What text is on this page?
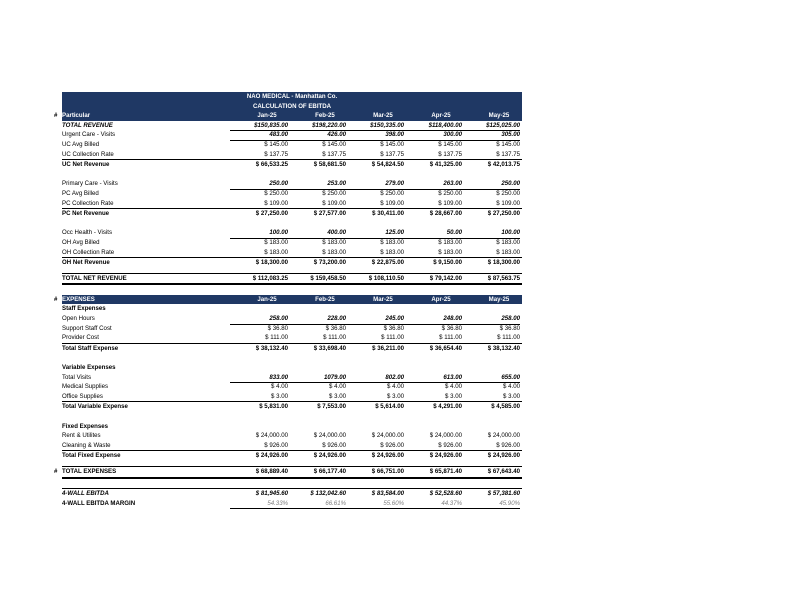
NAO MEDICAL - Manhattan Co.
CALCULATION OF EBITDA
# Particular	Jan-25	Feb-25	Mar-25	Apr-25	May-25
TOTAL REVENUE	$150,835.00	$198,220.00	$150,335.00	$118,400.00	$125,025.00
Urgent Care - Visits	483.00	426.00	398.00	300.00	305.00
UC Avg Billed	$ 145.00	$ 145.00	$ 145.00	$ 145.00	$ 145.00
UC Collection Rate	$ 137.75	$ 137.75	$ 137.75	$ 137.75	$ 137.75
UC Net Revenue	$ 66,533.25	$ 58,681.50	$ 54,824.50	$ 41,325.00	$ 42,013.75
Primary Care - Visits	250.00	253.00	279.00	263.00	250.00
PC Avg Billed	$ 250.00	$ 250.00	$ 250.00	$ 250.00	$ 250.00
PC Collection Rate	$ 109.00	$ 109.00	$ 109.00	$ 109.00	$ 109.00
PC Net Revenue	$ 27,250.00	$ 27,577.00	$ 30,411.00	$ 28,667.00	$ 27,250.00
Occ Health - Visits	100.00	400.00	125.00	50.00	100.00
OH Avg Billed	$ 183.00	$ 183.00	$ 183.00	$ 183.00	$ 183.00
OH Collection Rate	$ 183.00	$ 183.00	$ 183.00	$ 183.00	$ 183.00
OH Net Revenue	$ 18,300.00	$ 73,200.00	$ 22,875.00	$ 9,150.00	$ 18,300.00
TOTAL NET REVENUE	$ 112,083.25	$ 159,458.50	$ 108,110.50	$ 79,142.00	$ 87,563.75
# EXPENSES	Jan-25	Feb-25	Mar-25	Apr-25	May-25
Staff Expenses
Open Hours	258.00	228.00	245.00	248.00	258.00
Support Staff Cost	$ 36.80	$ 36.80	$ 36.80	$ 36.80	$ 36.80
Provider Cost	$ 111.00	$ 111.00	$ 111.00	$ 111.00	$ 111.00
Total Staff Expense	$ 38,132.40	$ 33,698.40	$ 36,211.00	$ 36,654.40	$ 38,132.40
Variable Expenses
Total Visits	833.00	1079.00	802.00	613.00	655.00
Medical Supplies	$ 4.00	$ 4.00	$ 4.00	$ 4.00	$ 4.00
Office Supplies	$ 3.00	$ 3.00	$ 3.00	$ 3.00	$ 3.00
Total Variable Expense	$ 5,831.00	$ 7,553.00	$ 5,614.00	$ 4,291.00	$ 4,585.00
Fixed Expenses
Rent & Utilites	$ 24,000.00	$ 24,000.00	$ 24,000.00	$ 24,000.00	$ 24,000.00
Cleaning & Waste	$ 926.00	$ 926.00	$ 926.00	$ 926.00	$ 926.00
Total Fixed Expense	$ 24,926.00	$ 24,926.00	$ 24,926.00	$ 24,926.00	$ 24,926.00
# TOTAL EXPENSES	$ 68,889.40	$ 66,177.40	$ 66,751.00	$ 65,871.40	$ 67,643.40
4-WALL EBITDA	$ 81,945.60	$ 132,042.60	$ 83,584.00	$ 52,528.60	$ 57,381.60
4-WALL EBITDA MARGIN	54.33%	66.61%	55.60%	44.37%	45.90%
